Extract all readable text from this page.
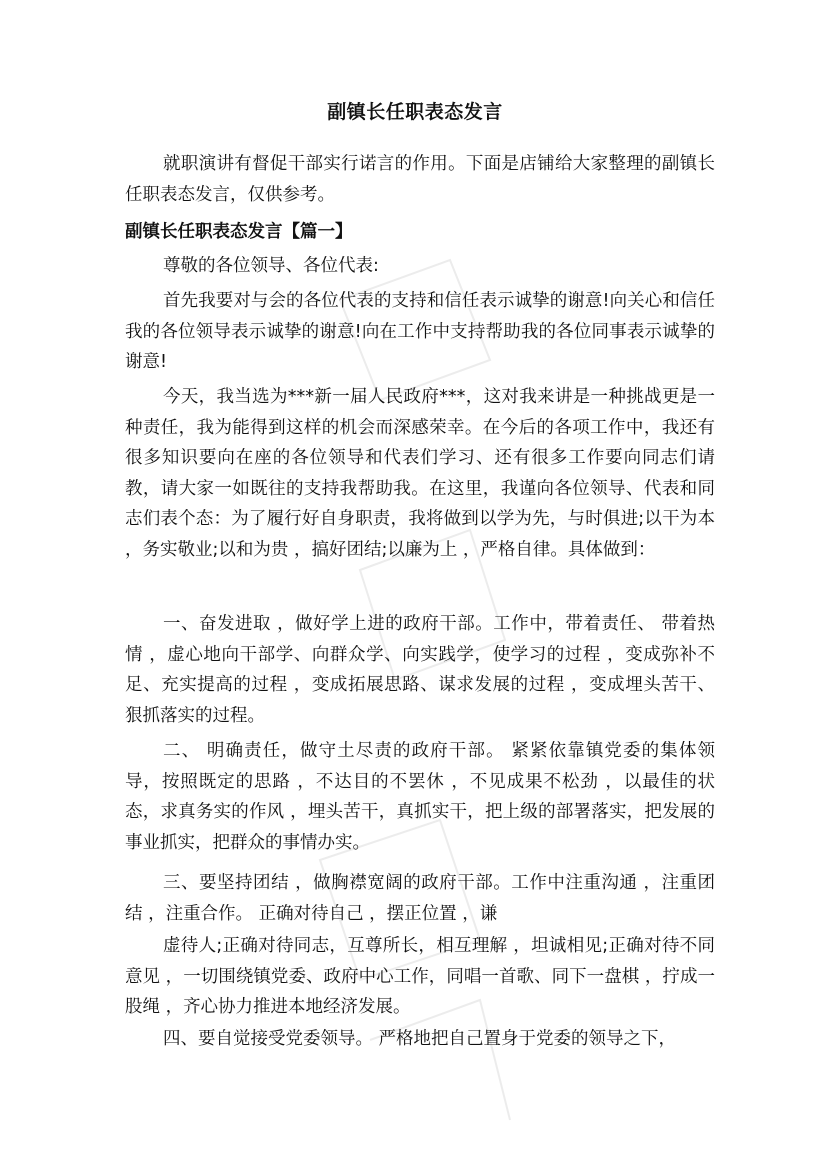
副镇长任职表态发言

就职演讲有督促干部实行诺言的作用。下面是店铺给大家整理的副镇长任职表态发言，仅供参考。

副镇长任职表态发言【篇一】

尊敬的各位领导、各位代表:

首先我要对与会的各位代表的支持和信任表示诚挚的谢意!向关心和信任我的各位领导表示诚挚的谢意!向在工作中支持帮助我的各位同事表示诚挚的谢意!

今天，我当选为***新一届人民政府***，这对我来讲是一种挑战更是一种责任，我为能得到这样的机会而深感荣幸。在今后的各项工作中，我还有很多知识要向在座的各位领导和代表们学习、还有很多工作要向同志们请教，请大家一如既往的支持我帮助我。在这里，我谨向各位领导、代表和同志们表个态：为了履行好自身职责，我将做到以学为先，与时俱进;以干为本 ，务实敬业;以和为贵 ，搞好团结;以廉为上 ，严格自律。具体做到：

一、奋发进取 ，做好学上进的政府干部。工作中，带着责任、 带着热情 ，虚心地向干部学、向群众学、向实践学，使学习的过程 ，变成弥补不足、充实提高的过程 ，变成拓展思路、谋求发展的过程 ，变成埋头苦干、 狠抓落实的过程。

二、 明确责任，做守土尽责的政府干部。 紧紧依靠镇党委的集体领导，按照既定的思路 ，不达目的不罢休 ，不见成果不松劲 ，以最佳的状态，求真务实的作风 ，埋头苦干，真抓实干，把上级的部署落实，把发展的事业抓实，把群众的事情办实。

三、要坚持团结 ，做胸襟宽阔的政府干部。工作中注重沟通 ，注重团结 ，注重合作。 正确对待自己 ，摆正位置 ，谦

虚待人;正确对待同志，互尊所长，相互理解 ，坦诚相见;正确对待不同意见 ，一切围绕镇党委、政府中心工作，同唱一首歌、同下一盘棋 ，拧成一股绳 ，齐心协力推进本地经济发展。

四、要自觉接受党委领导。 严格地把自己置身于党委的领导之下，
